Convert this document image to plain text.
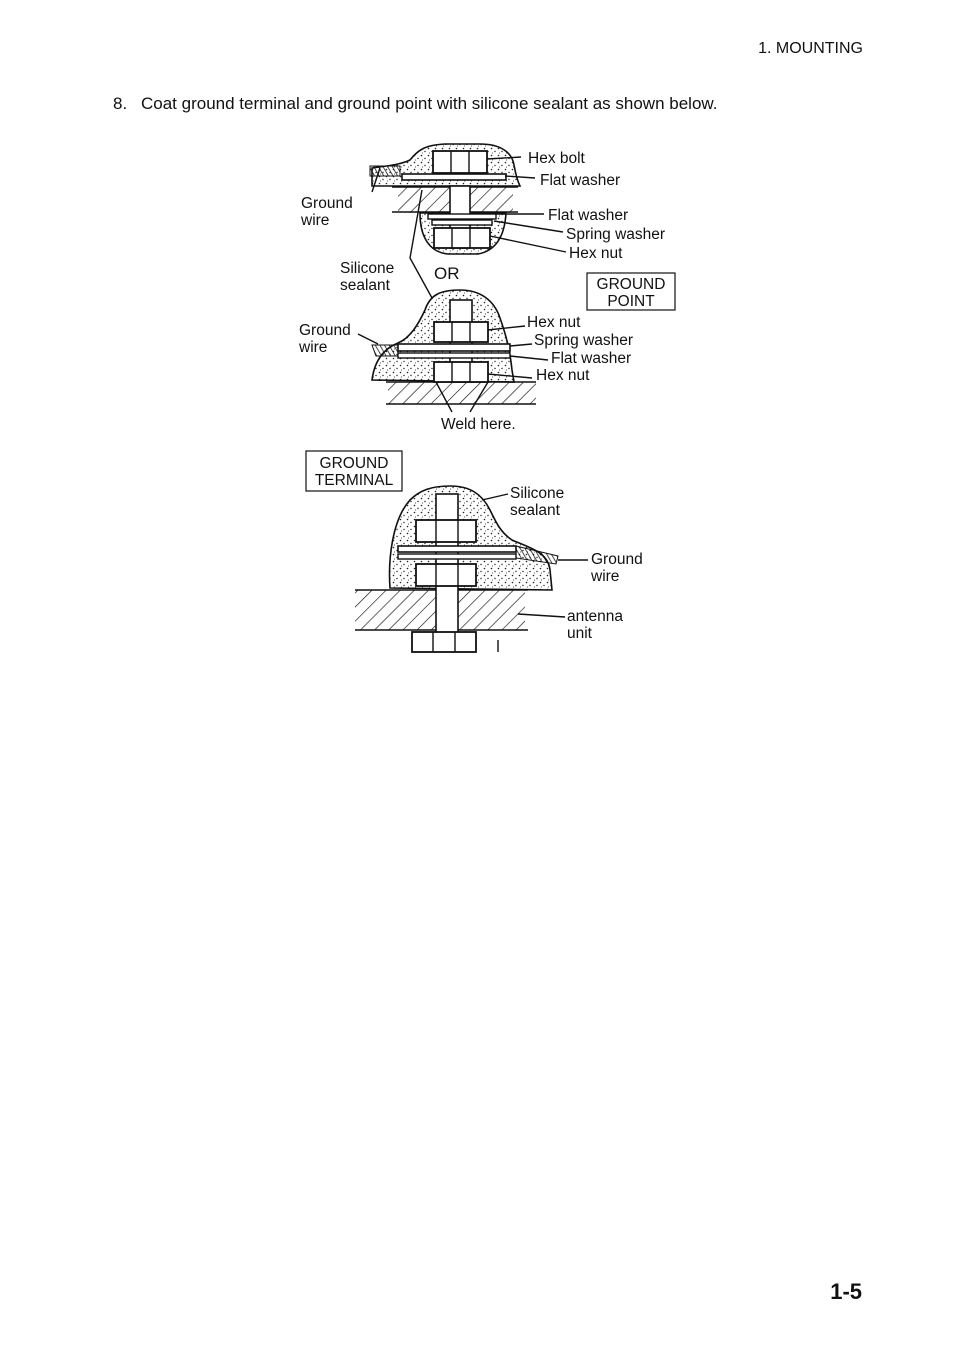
1. MOUNTING
8. Coat ground terminal and ground point with silicone sealant as shown below.
Hex bolt
Flat washer
Ground
wire	Flat washer
Spring washer
Hex nut
Silicone
sealant
OR
GROUND
POINT
Ground
wire
Hex nut
Spring washer
Flat washer
Hex nut
Weld here.
GROUND
TERMINAL
Silicone
sealant
Ground
wire
antenna
unit
1-5
